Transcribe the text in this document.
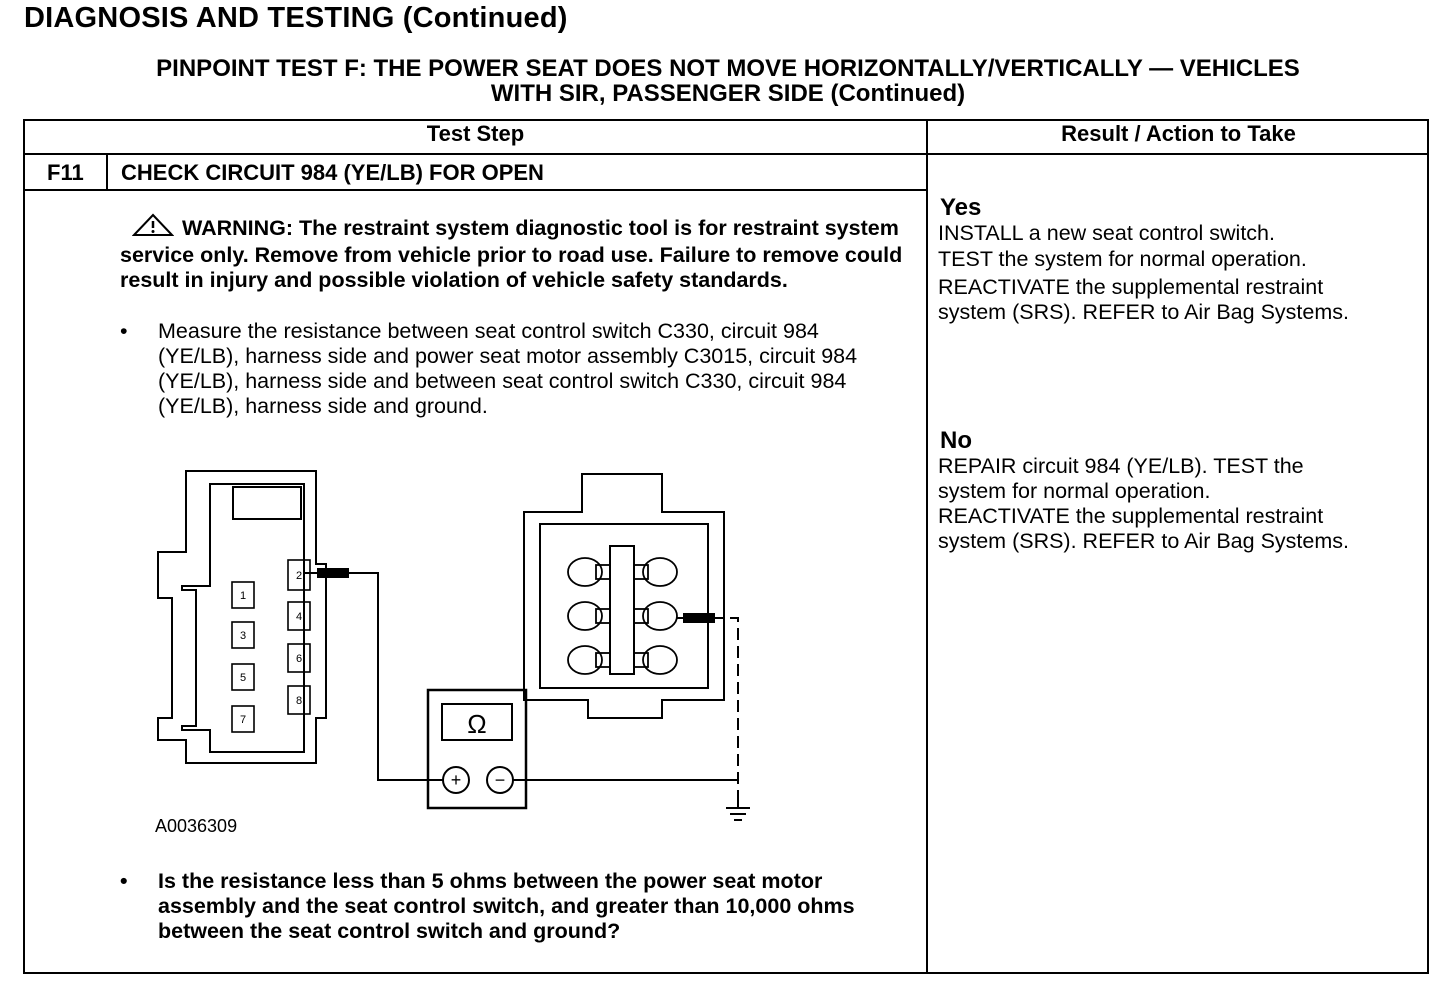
DIAGNOSIS AND TESTING (Continued)
PINPOINT TEST F: THE POWER SEAT DOES NOT MOVE HORIZONTALLY/VERTICALLY — VEHICLES
WITH SIR, PASSENGER SIDE (Continued)
Test Step	Result / Action to Take
F11 CHECK CIRCUIT 984 (YE/LB) FOR OPEN
WARNING: The restraint system diagnostic tool is for restraint system service only. Remove from vehicle prior to road use. Failure to remove could result in injury and possible violation of vehicle safety standards.
• Measure the resistance between seat control switch C330, circuit 984 (YE/LB), harness side and power seat motor assembly C3015, circuit 984 (YE/LB), harness side and between seat control switch C330, circuit 984 (YE/LB), harness side and ground.
1
3
5
7
2
4
6
8
Ω
+ −
A0036309
• Is the resistance less than 5 ohms between the power seat motor assembly and the seat control switch, and greater than 10,000 ohms between the seat control switch and ground?
Yes
INSTALL a new seat control switch.
TEST the system for normal operation.
REACTIVATE the supplemental restraint
system (SRS). REFER to Air Bag Systems.
No
REPAIR circuit 984 (YE/LB). TEST the
system for normal operation.
REACTIVATE the supplemental restraint
system (SRS). REFER to Air Bag Systems.
